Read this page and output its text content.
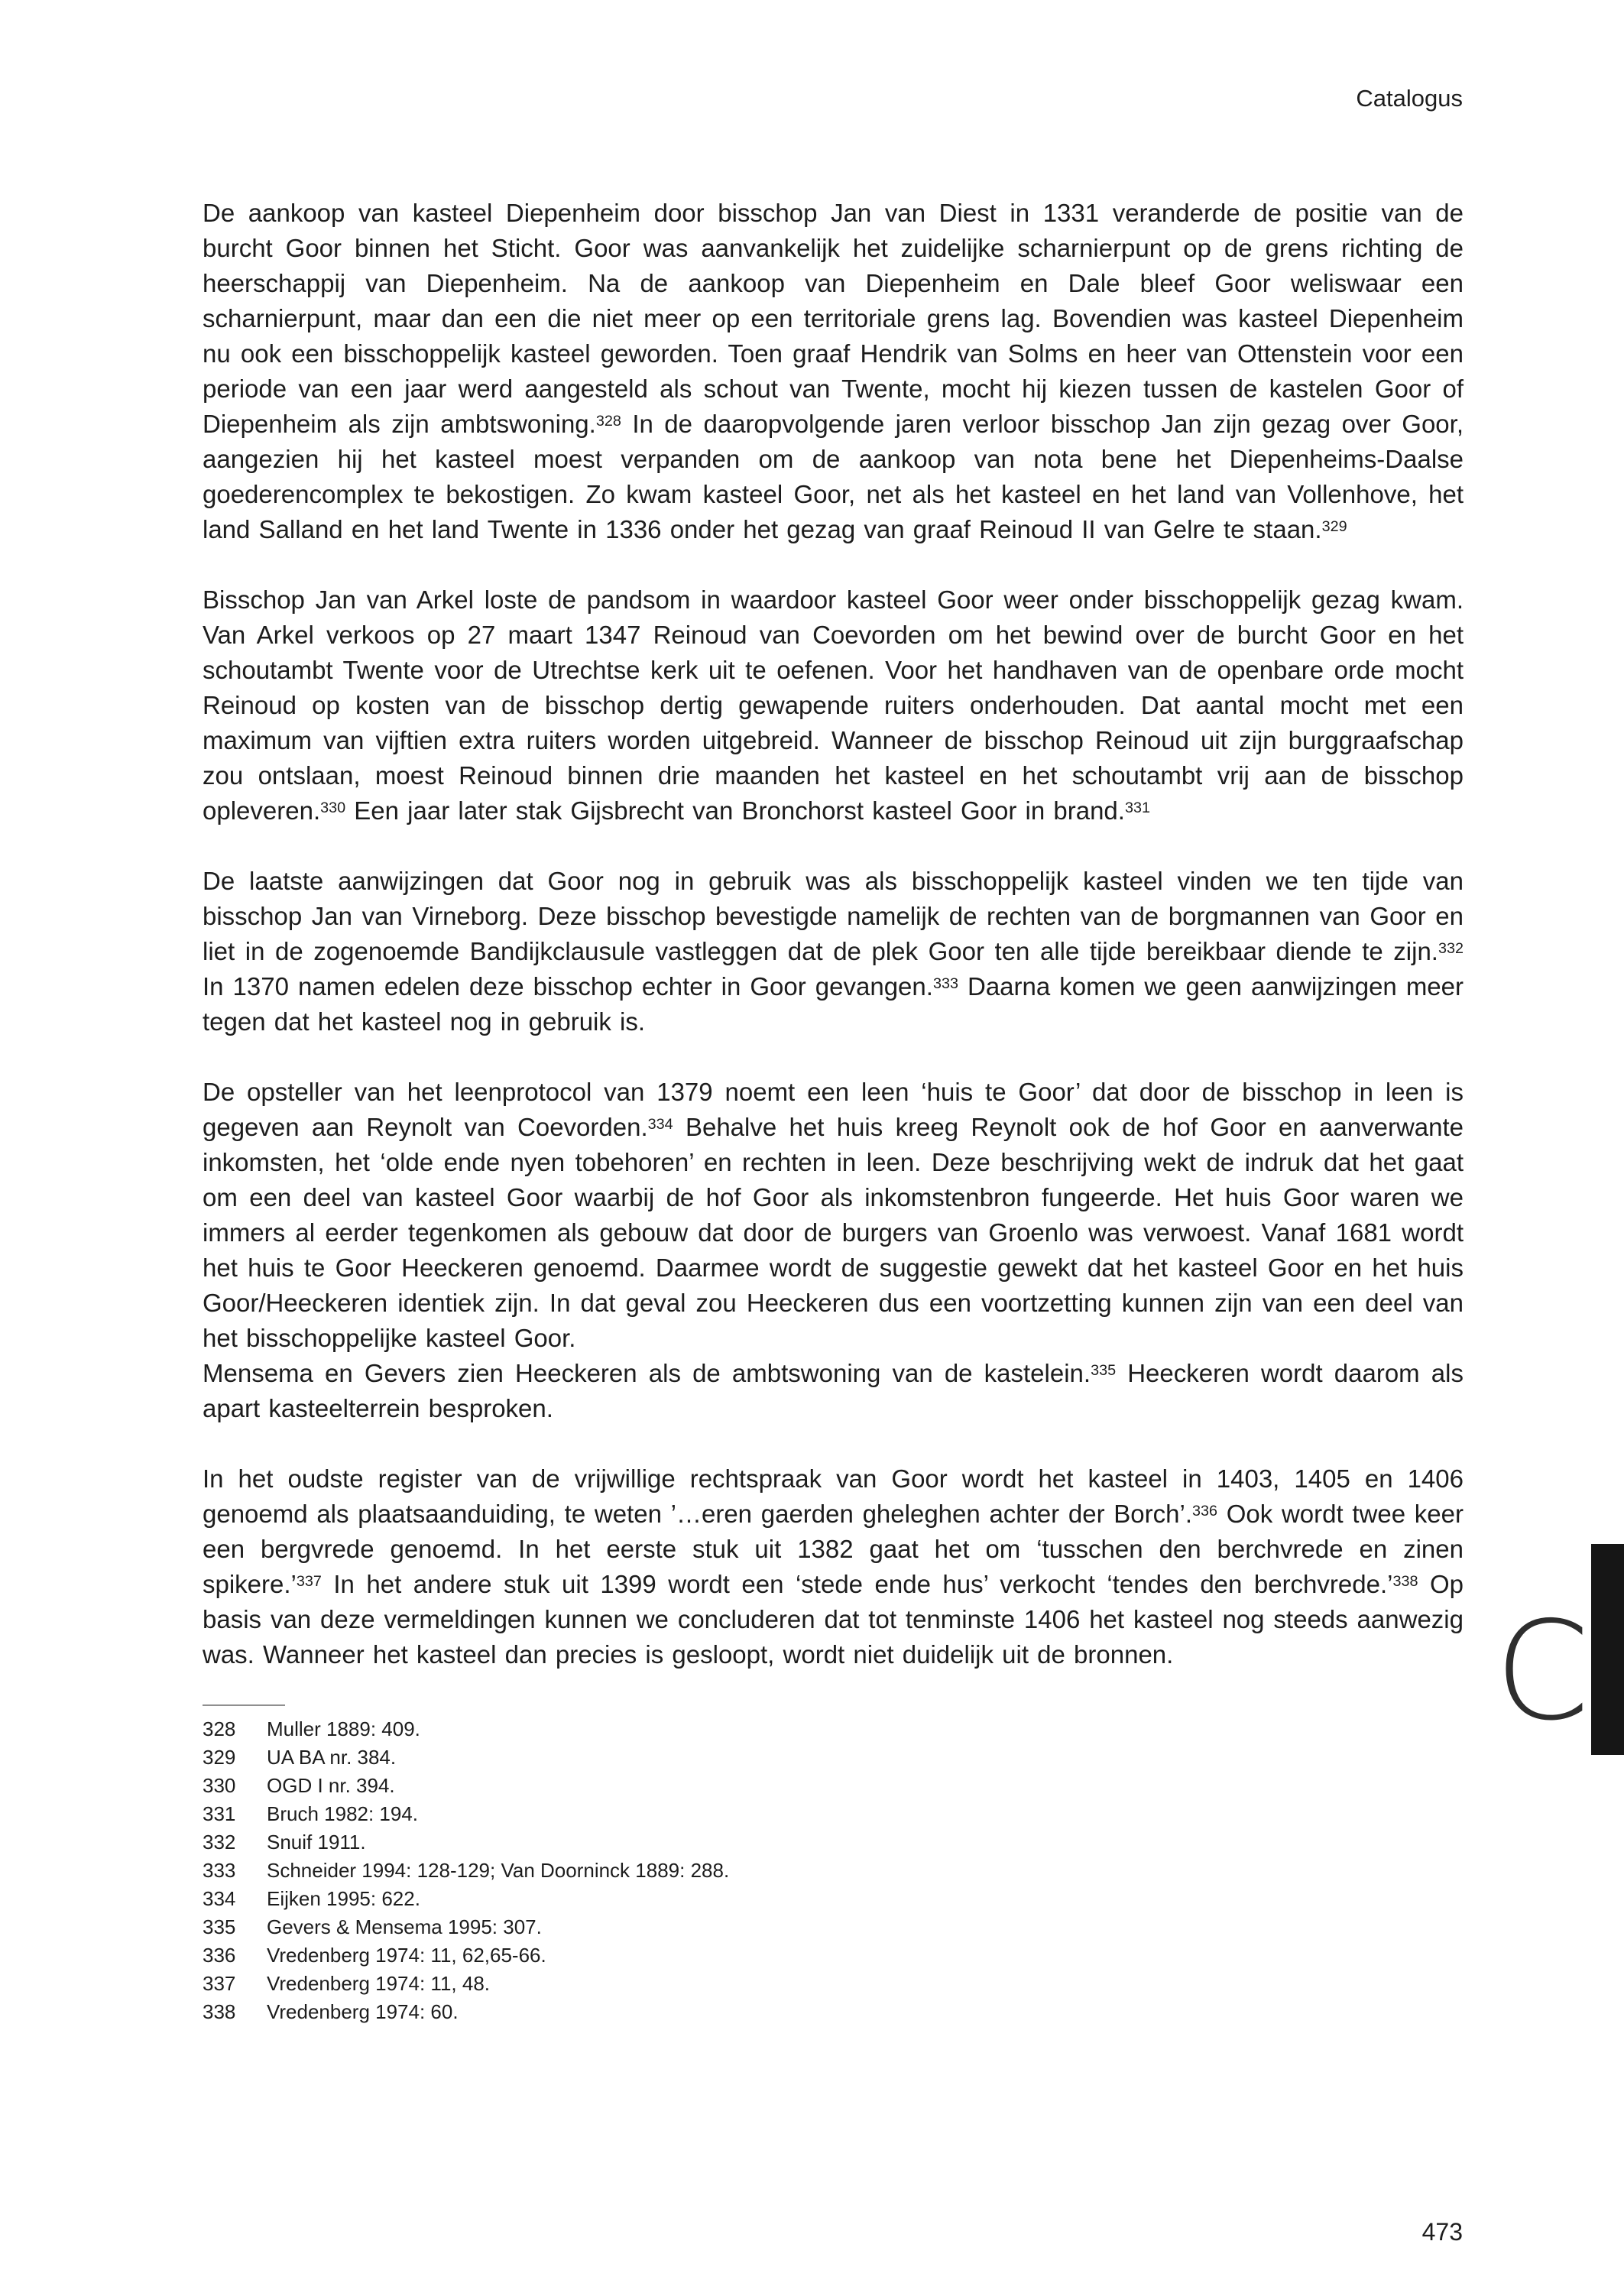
Catalogus

De aankoop van kasteel Diepenheim door bisschop Jan van Diest in 1331 veranderde de positie van de burcht Goor binnen het Sticht. Goor was aanvankelijk het zuidelijke scharnierpunt op de grens richting de heerschappij van Diepenheim. Na de aankoop van Diepenheim en Dale bleef Goor weliswaar een scharnierpunt, maar dan een die niet meer op een territoriale grens lag. Bovendien was kasteel Diepenheim nu ook een bisschoppelijk kasteel geworden. Toen graaf Hendrik van Solms en heer van Ottenstein voor een periode van een jaar werd aangesteld als schout van Twente, mocht hij kiezen tussen de kastelen Goor of Diepenheim als zijn ambtswoning.$^{328}$ In de daaropvolgende jaren verloor bisschop Jan zijn gezag over Goor, aangezien hij het kasteel moest verpanden om de aankoop van nota bene het Diepenheims-Daalse goederencomplex te bekostigen. Zo kwam kasteel Goor, net als het kasteel en het land van Vollenhove, het land Salland en het land Twente in 1336 onder het gezag van graaf Reinoud II van Gelre te staan.$^{329}$

Bisschop Jan van Arkel loste de pandsom in waardoor kasteel Goor weer onder bisschoppelijk gezag kwam. Van Arkel verkoos op 27 maart 1347 Reinoud van Coevorden om het bewind over de burcht Goor en het schoutambt Twente voor de Utrechtse kerk uit te oefenen. Voor het handhaven van de openbare orde mocht Reinoud op kosten van de bisschop dertig gewapende ruiters onderhouden. Dat aantal mocht met een maximum van vijftien extra ruiters worden uitgebreid. Wanneer de bisschop Reinoud uit zijn burggraafschap zou ontslaan, moest Reinoud binnen drie maanden het kasteel en het schoutambt vrij aan de bisschop opleveren.$^{330}$ Een jaar later stak Gijsbrecht van Bronchorst kasteel Goor in brand.$^{331}$

De laatste aanwijzingen dat Goor nog in gebruik was als bisschoppelijk kasteel vinden we ten tijde van bisschop Jan van Virneborg. Deze bisschop bevestigde namelijk de rechten van de borgmannen van Goor en liet in de zogenoemde Bandijkclausule vastleggen dat de plek Goor ten alle tijde bereikbaar diende te zijn.$^{332}$ In 1370 namen edelen deze bisschop echter in Goor gevangen.$^{333}$ Daarna komen we geen aanwijzingen meer tegen dat het kasteel nog in gebruik is.

De opsteller van het leenprotocol van 1379 noemt een leen ‘huis te Goor’ dat door de bisschop in leen is gegeven aan Reynolt van Coevorden.$^{334}$ Behalve het huis kreeg Reynolt ook de hof Goor en aanverwante inkomsten, het ‘olde ende nyen tobehoren’ en rechten in leen. Deze beschrijving wekt de indruk dat het gaat om een deel van kasteel Goor waarbij de hof Goor als inkomstenbron fungeerde. Het huis Goor waren we immers al eerder tegenkomen als gebouw dat door de burgers van Groenlo was verwoest. Vanaf 1681 wordt het huis te Goor Heeckeren genoemd. Daarmee wordt de suggestie gewekt dat het kasteel Goor en het huis Goor/Heeckeren identiek zijn. In dat geval zou Heeckeren dus een voortzetting kunnen zijn van een deel van het bisschoppelijke kasteel Goor.

Mensema en Gevers zien Heeckeren als de ambtswoning van de kastelein.$^{335}$ Heeckeren wordt daarom als apart kasteelterrein besproken.

In het oudste register van de vrijwillige rechtspraak van Goor wordt het kasteel in 1403, 1405 en 1406 genoemd als plaatsaanduiding, te weten ’…eren gaerden gheleghen achter der Borch’.$^{336}$ Ook wordt twee keer een bergvrede genoemd. In het eerste stuk uit 1382 gaat het om ‘tusschen den berchvrede en zinen spikere.’$^{337}$ In het andere stuk uit 1399 wordt een ‘stede ende hus’ verkocht ‘tendes den berchvrede.’$^{338}$ Op basis van deze vermeldingen kunnen we concluderen dat tot tenminste 1406 het kasteel nog steeds aanwezig was. Wanneer het kasteel dan precies is gesloopt, wordt niet duidelijk uit de bronnen.

328	Muller 1889: 409.
329	UA BA nr. 384.
330	OGD I nr. 394.
331	Bruch 1982: 194.
332	Snuif 1911.
333	Schneider 1994: 128-129; Van Doorninck 1889: 288.
334	Eijken 1995: 622.
335	Gevers & Mensema 1995: 307.
336	Vredenberg 1974: 11, 62,65-66.
337	Vredenberg 1974: 11, 48.
338	Vredenberg 1974: 60.
C
473
